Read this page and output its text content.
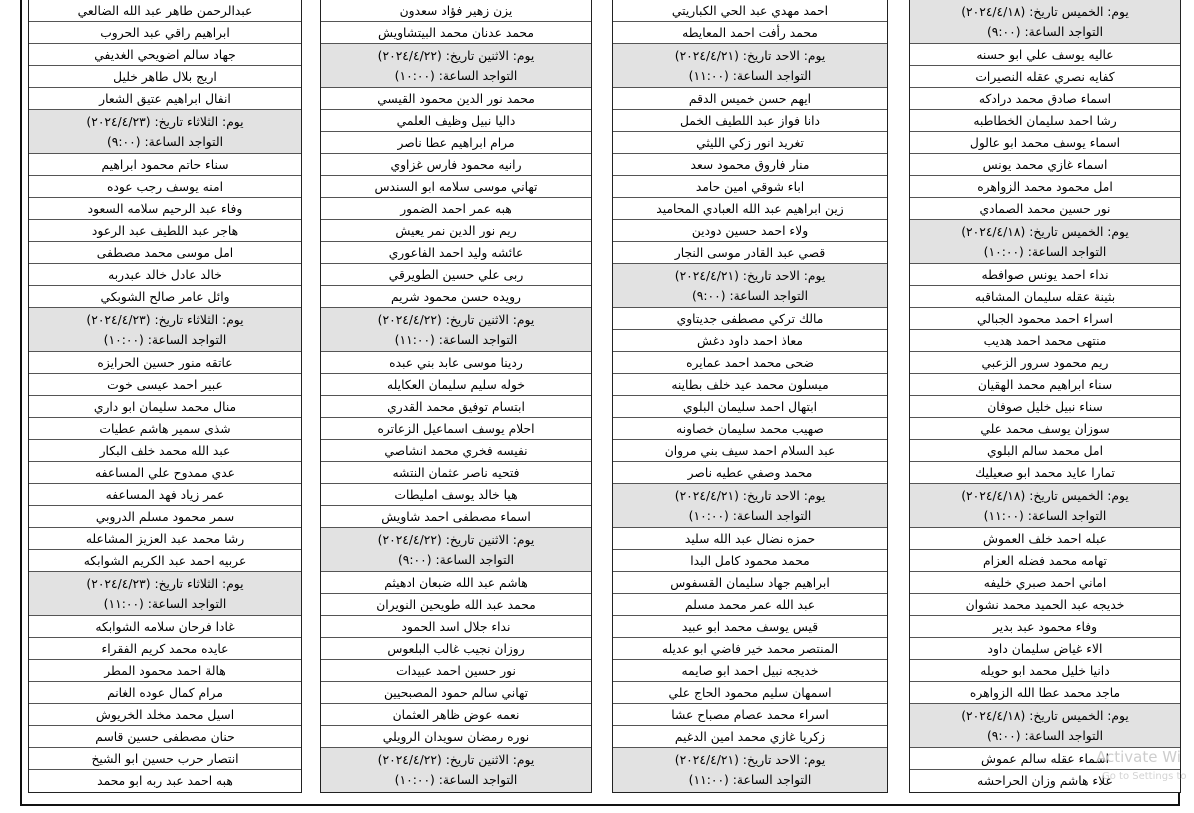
يوم: الخميس تاريخ: (٢٠٢٤/٤/١٨)
التواجد الساعة: (٩:٠٠)
عاليه يوسف علي ابو حسنه
كفايه نصري عقله النصيرات
اسماء صادق محمد درادكه
رشا احمد سليمان الخطاطبه
اسماء يوسف محمد ابو عالول
اسماء غازي محمد يونس
امل محمود محمد الزواهره
نور حسين محمد الصمادي
يوم: الخميس تاريخ: (٢٠٢٤/٤/١٨)
التواجد الساعة: (١٠:٠٠)
نداء احمد يونس صوافطه
بثينة عقله سليمان المشاقبه
اسراء احمد محمود الجبالي
منتهى محمد احمد هديب
ريم محمود سرور الزعبي
سناء ابراهيم محمد الهقيان
سناء نبيل خليل صوفان
سوزان يوسف محمد علي
امل محمد سالم البلوي
تمارا عايد محمد ابو صعيليك
يوم: الخميس تاريخ: (٢٠٢٤/٤/١٨)
التواجد الساعة: (١١:٠٠)
عبله احمد خلف العموش
تهامه محمد فضله العزام
اماني احمد صبري خليفه
خديجه عبد الحميد محمد نشوان
وفاء محمود عبد بدير
الاء غياض سليمان داود
دانيا خليل محمد ابو حويله
ماجد محمد عطا الله الزواهره
يوم: الخميس تاريخ: (٢٠٢٤/٤/١٨)
التواجد الساعة: (٩:٠٠)
اسماء عقله سالم عموش
علاء هاشم وزان الحراحشه
احمد مهدي عبد الحي الكباريتي
محمد رأفت احمد المعايطه
يوم: الاحد تاريخ: (٢٠٢٤/٤/٢١)
التواجد الساعة: (١١:٠٠)
ايهم حسن خميس الدقم
دانا فواز عبد اللطيف الخمل
تغريد انور زكي الليثي
منار فاروق محمود سعد
اباء شوقي امين حامد
زين ابراهيم عبد الله العبادي المحاميد
ولاء احمد حسين دودين
قصي عبد القادر موسى النجار
يوم: الاحد تاريخ: (٢٠٢٤/٤/٢١)
التواجد الساعة: (٩:٠٠)
مالك تركي مصطفى جديتاوي
معاذ احمد داود دغش
ضحى محمد احمد عمايره
ميسلون محمد عيد خلف بطاينه
ابتهال احمد سليمان البلوي
صهيب محمد سليمان خصاونه
عبد السلام احمد سيف بني مروان
محمد وصفي عطيه ناصر
يوم: الاحد تاريخ: (٢٠٢٤/٤/٢١)
التواجد الساعة: (١٠:٠٠)
حمزه نضال عبد الله سليد
محمد محمود كامل البدا
ابراهيم جهاد سليمان القسفوس
عبد الله عمر محمد مسلم
قيس يوسف محمد ابو عبيد
المنتصر محمد خير فاضي ابو عديله
خديجه نبيل احمد ابو صايمه
اسمهان سليم محمود الحاج علي
اسراء محمد عصام مصباح عشا
زكريا غازي محمد امين الدغيم
يوم: الاحد تاريخ: (٢٠٢٤/٤/٢١)
التواجد الساعة: (١١:٠٠)
يزن زهير فؤاد سعدون
محمد عدنان محمد البيتشاويش
يوم: الاثنين تاريخ: (٢٠٢٤/٤/٢٢)
التواجد الساعة: (١٠:٠٠)
محمد نور الدين محمود القيسي
داليا نبيل وظيف العلمي
مرام ابراهيم عطا ناصر
رانيه محمود فارس غزاوي
تهاني موسى سلامه ابو السندس
هبه عمر احمد الضمور
ريم نور الدين نمر يعيش
عائشه وليد احمد الفاعوري
ربى علي حسين الطويرقي
رويده حسن محمود شريم
يوم: الاثنين تاريخ: (٢٠٢٤/٤/٢٢)
التواجد الساعة: (١١:٠٠)
ردينا موسى عابد بني عبده
خوله سليم سليمان العكايله
ابتسام توفيق محمد القدري
احلام يوسف اسماعيل الزعاتره
نفيسه فخري محمد انشاصي
فتحيه ناصر عثمان النتشه
هيا خالد يوسف امليطات
اسماء مصطفى احمد شاويش
يوم: الاثنين تاريخ: (٢٠٢٤/٤/٢٢)
التواجد الساعة: (٩:٠٠)
هاشم عبد الله ضبعان ادهيثم
محمد عبد الله طويحين النويران
نداء جلال اسد الحمود
روزان نجيب غالب البلعوس
نور حسين احمد عبيدات
تهاني سالم حمود المصبحيين
نعمه عوض ظاهر العثمان
نوره رمضان سويدان الرويلي
يوم: الاثنين تاريخ: (٢٠٢٤/٤/٢٢)
التواجد الساعة: (١٠:٠٠)
عبدالرحمن طاهر عبد الله الضالعي
ابراهيم راقي عبد الحروب
جهاد سالم اضويحي الغديفي
اريج بلال طاهر خليل
انفال ابراهيم عتيق الشعار
يوم: الثلاثاء تاريخ: (٢٠٢٤/٤/٢٣)
التواجد الساعة: (٩:٠٠)
سناء حاتم محمود ابراهيم
امنه يوسف رجب عوده
وفاء عبد الرحيم سلامه السعود
هاجر عبد اللطيف عبد الرعود
امل موسى محمد مصطفى
خالد عادل خالد عبدربه
وائل عامر صالح الشوبكي
يوم: الثلاثاء تاريخ: (٢٠٢٤/٤/٢٣)
التواجد الساعة: (١٠:٠٠)
عاتقه منور حسين الحرايزه
عبير احمد عيسى خوت
منال محمد سليمان ابو داري
شذى سمير هاشم عطيات
عبد الله محمد خلف البكار
عدي ممدوح علي المساعفه
عمر زياد فهد المساعفه
سمر محمود مسلم الدروبي
رشا محمد عبد العزيز المشاعله
عربيه احمد عبد الكريم الشوابكه
يوم: الثلاثاء تاريخ: (٢٠٢٤/٤/٢٣)
التواجد الساعة: (١١:٠٠)
غادا فرحان سلامه الشوابكه
عايده محمد كريم الفقراء
هالة احمد محمود المطر
مرام كمال عوده الغانم
اسيل محمد مخلد الخريوش
حنان مصطفى حسين قاسم
انتصار حرب حسين ابو الشيخ
هبه احمد عبد ربه ابو محمد
Activate Wi
Go to Settings to
